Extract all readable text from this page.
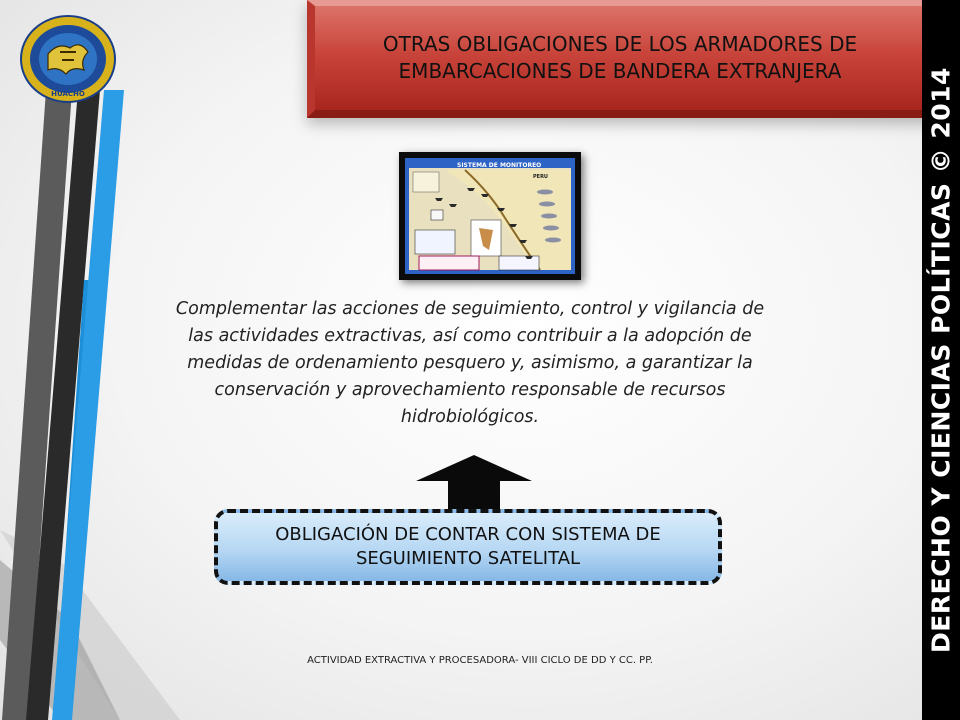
HUACHO
OTRAS OBLIGACIONES DE LOS ARMADORES DE EMBARCACIONES DE BANDERA EXTRANJERA	DERECHO Y CIENCIAS POLÍTICAS © 2014
SISTEMA DE MONITOREO
PERU
Complementar las acciones de seguimiento, control y vigilancia de las actividades extractivas, así como contribuir a la adopción de medidas de ordenamiento pesquero y, asimismo, a garantizar la conservación y aprovechamiento responsable de recursos hidrobiológicos.
OBLIGACIÓN DE CONTAR CON SISTEMA DE SEGUIMIENTO SATELITAL
ACTIVIDAD EXTRACTIVA Y PROCESADORA- VIII CICLO DE DD Y CC. PP.
